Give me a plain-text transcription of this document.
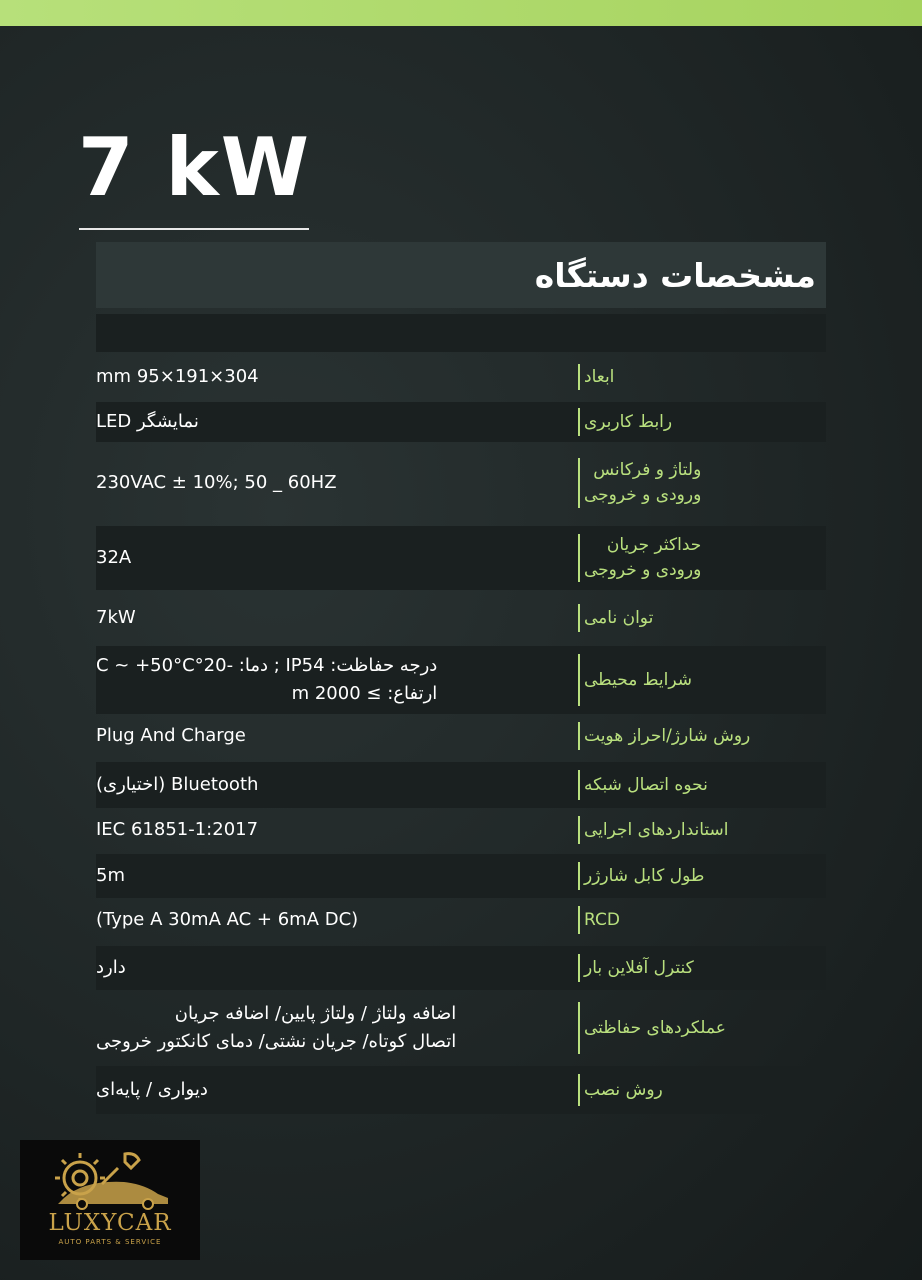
7 kW
مشخصات دستگاه
ابعاد
304×191×95 mm
رابط کاربری
نمایشگر LED
ولتاژ و فرکانس
ورودی و خروجی
230VAC ± 10%; 50 _ 60HZ
حداکثر جریان
ورودی و خروجی
32A
توان نامی
7kW
شرایط محیطی
درجه حفاظت: IP54 ; دما: -20°C ~ +50°C
ارتفاع: ≥ 2000 m
روش شارژ/احراز هویت
Plug And Charge
نحوه اتصال شبکه
Bluetooth (اختیاری)
استانداردهای اجرایی
IEC 61851-1:2017
طول کابل شارژر
5m
RCD
(Type A 30mA AC + 6mA DC)
کنترل آفلاین بار
دارد
عملکردهای حفاظتی
اضافه ولتاژ / ولتاژ پایین/ اضافه جریان
اتصال کوتاه/ جریان نشتی/ دمای کانکتور خروجی
روش نصب
دیواری / پایه‌ای
LUXYCAR
AUTO PARTS & SERVICE
